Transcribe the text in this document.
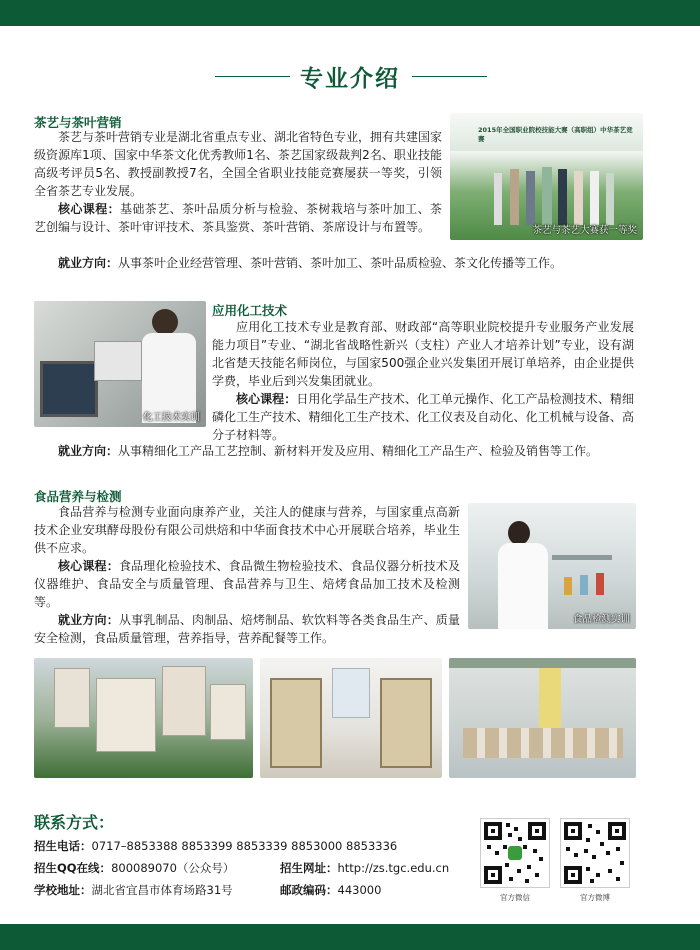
专业介绍
茶艺与茶叶营销
茶艺与茶叶营销专业是湖北省重点专业、湖北省特色专业，拥有共建国家级资源库1项、国家中华茶文化优秀教师1名、茶艺国家级裁判2名、职业技能高级考评员5名、教授副教授7名，全国全省职业技能竞赛屡获一等奖，引领全省茶艺专业发展。
核心课程：基础茶艺、茶叶品质分析与检验、茶树栽培与茶叶加工、茶艺创编与设计、茶叶审评技术、茶具鉴赏、茶叶营销、茶席设计与布置等。
就业方向：从事茶叶企业经营管理、茶叶营销、茶叶加工、茶叶品质检验、茶文化传播等工作。
2015年全国职业院校技能大赛（高职组）中华茶艺竞赛
茶艺与茶艺大赛获一等奖
化工技术实训
应用化工技术
应用化工技术专业是教育部、财政部“高等职业院校提升专业服务产业发展能力项目”专业、“湖北省战略性新兴（支柱）产业人才培养计划”专业，设有湖北省楚天技能名师岗位，与国家500强企业兴发集团开展订单培养，由企业提供学费，毕业后到兴发集团就业。
核心课程：日用化学品生产技术、化工单元操作、化工产品检测技术、精细磷化工生产技术、精细化工生产技术、化工仪表及自动化、化工机械与设备、高分子材料等。
就业方向：从事精细化工产品工艺控制、新材料开发及应用、精细化工产品生产、检验及销售等工作。
食品营养与检测
食品营养与检测专业面向康养产业，关注人的健康与营养，与国家重点高新技术企业安琪酵母股份有限公司烘焙和中华面食技术中心开展联合培养，毕业生供不应求。
核心课程：食品理化检验技术、食品微生物检验技术、食品仪器分析技术及仪器维护、食品安全与质量管理、食品营养与卫生、焙烤食品加工技术及检测等。
就业方向：从事乳制品、肉制品、焙烤制品、软饮料等各类食品生产、质量安全检测，食品质量管理，营养指导，营养配餐等工作。
食品检测实训
联系方式：
招生电话：0717–8853388 8853399 8853339 8853000 8853336
招生QQ在线：800089070（公众号）	招生网址：http://zs.tgc.edu.cn
学校地址：湖北省宜昌市体育场路31号	邮政编码：443000
官方微信	官方微博
